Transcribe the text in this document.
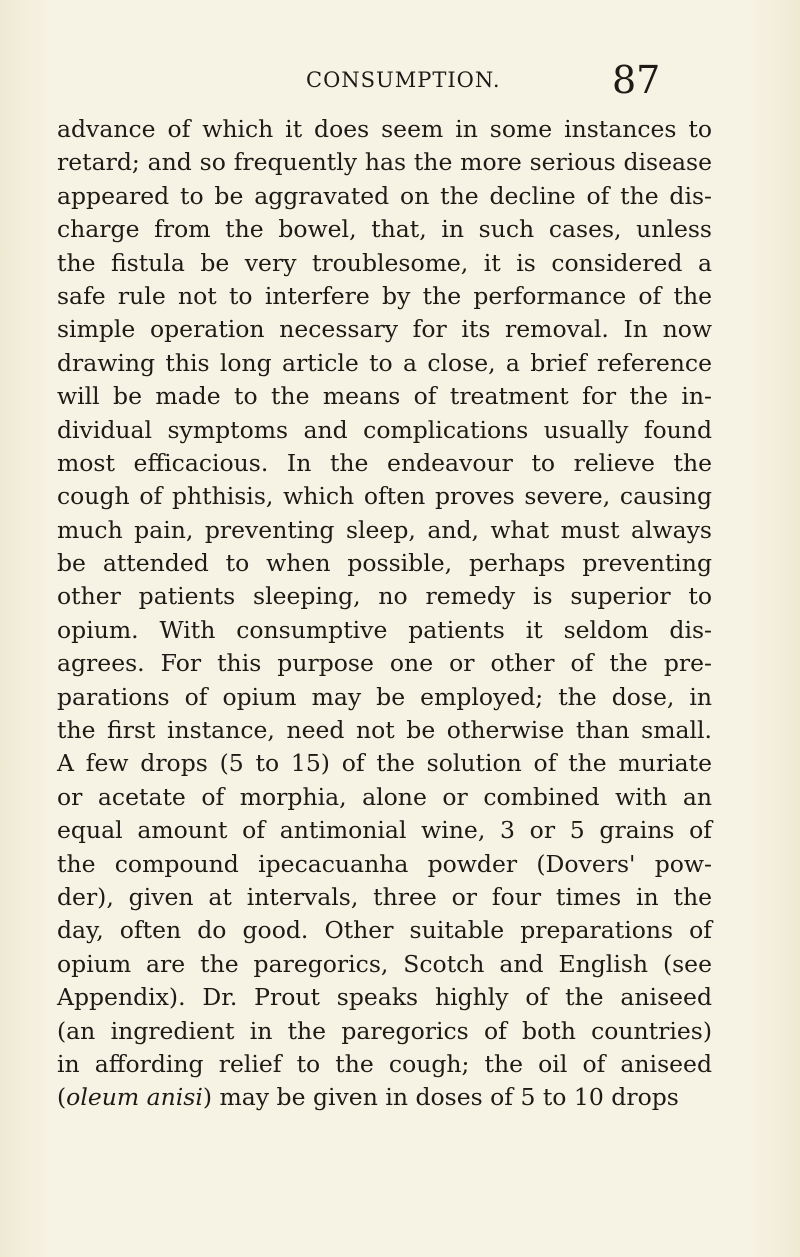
CONSUMPTION.	87
advance of which it does seem in some instances to
retard; and so frequently has the more serious disease
appeared to be aggravated on the decline of the dis-
charge from the bowel, that, in such cases, unless
the fistula be very troublesome, it is considered a
safe rule not to interfere by the performance of the
simple operation necessary for its removal. In now
drawing this long article to a close, a brief reference
will be made to the means of treatment for the in-
dividual symptoms and complications usually found
most efficacious. In the endeavour to relieve the
cough of phthisis, which often proves severe, causing
much pain, preventing sleep, and, what must always
be attended to when possible, perhaps preventing
other patients sleeping, no remedy is superior to
opium. With consumptive patients it seldom dis-
agrees. For this purpose one or other of the pre-
parations of opium may be employed; the dose, in
the first instance, need not be otherwise than small.
A few drops (5 to 15) of the solution of the muriate
or acetate of morphia, alone or combined with an
equal amount of antimonial wine, 3 or 5 grains of
the compound ipecacuanha powder (Dovers' pow-
der), given at intervals, three or four times in the
day, often do good. Other suitable preparations of
opium are the paregorics, Scotch and English (see
Appendix). Dr. Prout speaks highly of the aniseed
(an ingredient in the paregorics of both countries)
in affording relief to the cough; the oil of aniseed
(oleum anisi) may be given in doses of 5 to 10 drops
